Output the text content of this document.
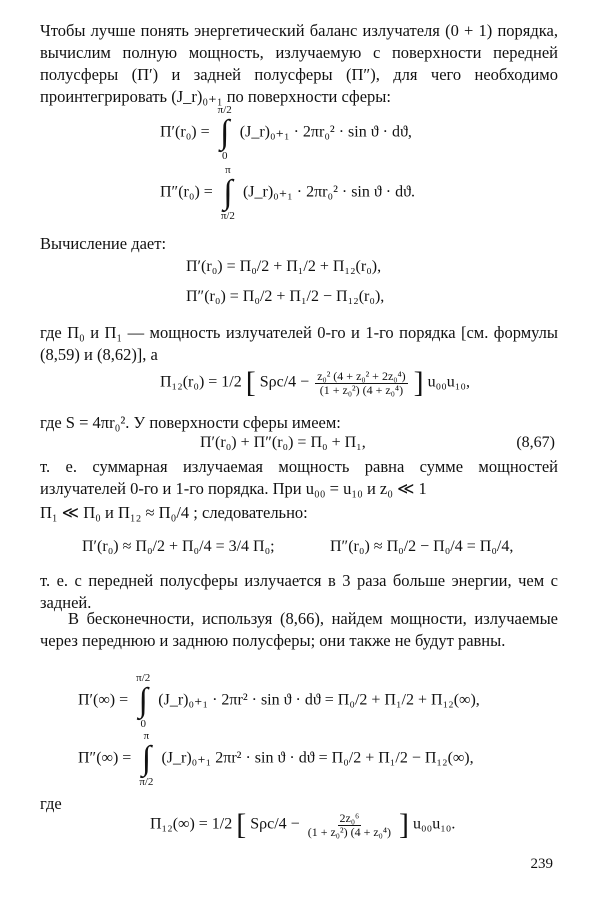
Чтобы лучше понять энергетический баланс излучателя (0 + 1) порядка, вычислим полную мощность, излучаемую с поверхности передней полусферы (П′) и задней полусферы (П″), для чего необходимо проинтегрировать (J_r)₀₊₁ по поверхности сферы:
П′(r₀) =
π/2
∫
0
(J_r)₀₊₁ · 2πr₀² · sin ϑ · dϑ,
П″(r₀) =
π
∫
π/2
(J_r)₀₊₁ · 2πr₀² · sin ϑ · dϑ.
Вычисление дает:
П′(r₀) = П₀/2 + П₁/2 + П₁₂(r₀),
П″(r₀) = П₀/2 + П₁/2 − П₁₂(r₀),
где П₀ и П₁ — мощность излучателей 0-го и 1-го порядка [см. формулы (8,59) и (8,62)], а
П₁₂(r₀) = 1/2 [ $S\rho c/4 - \frac{\text{z₀² (4 + z₀² + 2z₀⁴)}}{\text{(1 + z₀²) (4 + z₀⁴)}}$ ] u₀₀u₁₀,
где S = 4πr₀². У поверхности сферы имеем:
П′(r₀) + П″(r₀) = П₀ + П₁,	(8,67)
т. е. суммарная излучаемая мощность равна сумме мощностей излучателей 0-го и 1-го порядка. При u₀₀ = u₁₀ и z₀ ≪ 1
П₁ ≪ П₀ и П₁₂ ≈ П₀/4 ; следовательно:
П′(r₀) ≈ П₀/2 + П₀/4 = 3/4 П₀;	П″(r₀) ≈ П₀/2 − П₀/4 = П₀/4,
т. е. с передней полусферы излучается в 3 раза больше энергии, чем с задней.
В бесконечности, используя (8,66), найдем мощности, излучаемые через переднюю и заднюю полусферы; они также не будут равны.
П′(∞) =
π/2
∫
0
(J_r)₀₊₁ · 2πr² · sin ϑ · dϑ = П₀/2 + П₁/2 + П₁₂(∞),
П″(∞) =
π
∫
π/2
(J_r)₀₊₁ 2πr² · sin ϑ · dϑ = П₀/2 + П₁/2 − П₁₂(∞),
где
П₁₂(∞) = 1/2 [ $S\rho c/4 - \frac{\text{2z₀⁶}}{\text{(1 + z₀²) (4 + z₀⁴)}}$ ] u₀₀u₁₀.
239
